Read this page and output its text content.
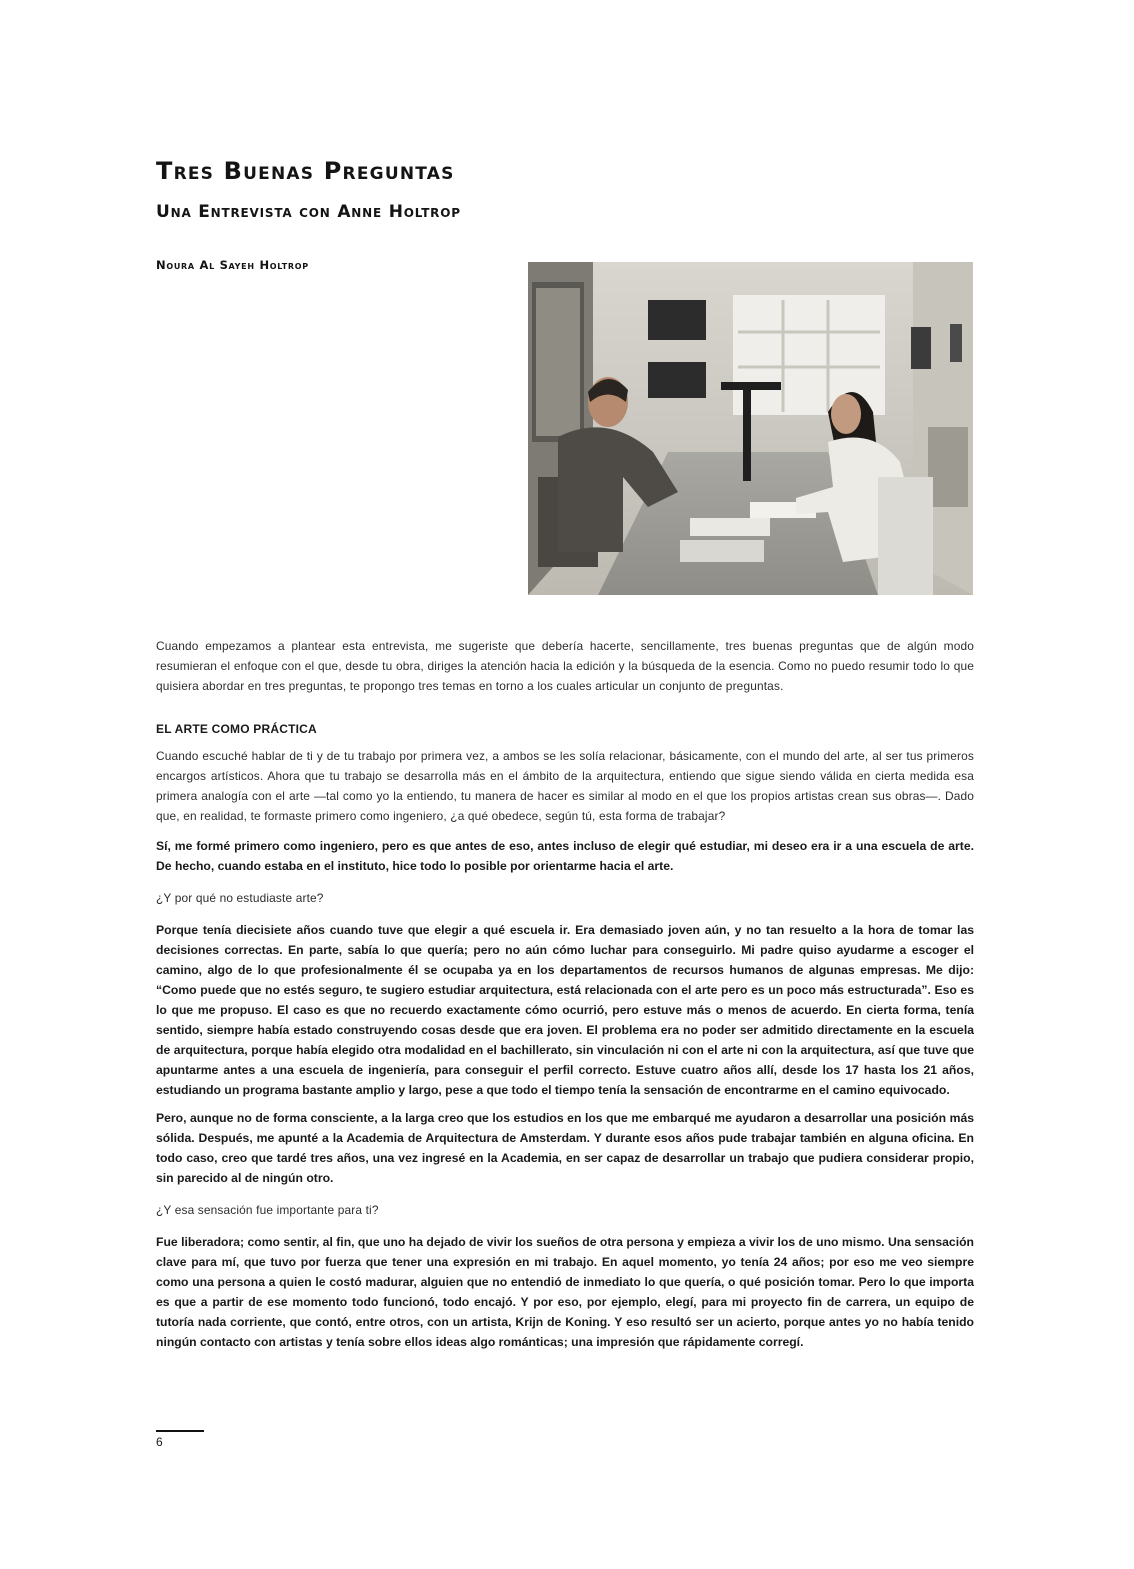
Tres Buenas Preguntas
Una Entrevista con Anne Holtrop
Noura Al Sayeh Holtrop

Cuando empezamos a plantear esta entrevista, me sugeriste que debería hacerte, sencillamente, tres buenas preguntas que de algún modo resumieran el enfoque con el que, desde tu obra, diriges la atención hacia la edición y la búsqueda de la esencia. Como no puedo resumir todo lo que quisiera abordar en tres preguntas, te propongo tres temas en torno a los cuales articular un conjunto de preguntas.

EL ARTE COMO PRÁCTICA

Cuando escuché hablar de ti y de tu trabajo por primera vez, a ambos se les solía relacionar, básicamente, con el mundo del arte, al ser tus primeros encargos artísticos. Ahora que tu trabajo se desarrolla más en el ámbito de la arquitectura, entiendo que sigue siendo válida en cierta medida esa primera analogía con el arte —tal como yo la entiendo, tu manera de hacer es similar al modo en el que los propios artistas crean sus obras—. Dado que, en realidad, te formaste primero como ingeniero, ¿a qué obedece, según tú, esta forma de trabajar?

Sí, me formé primero como ingeniero, pero es que antes de eso, antes incluso de elegir qué estudiar, mi deseo era ir a una escuela de arte. De hecho, cuando estaba en el instituto, hice todo lo posible por orientarme hacia el arte.

¿Y por qué no estudiaste arte?

Porque tenía diecisiete años cuando tuve que elegir a qué escuela ir. Era demasiado joven aún, y no tan resuelto a la hora de tomar las decisiones correctas. En parte, sabía lo que quería; pero no aún cómo luchar para conseguirlo. Mi padre quiso ayudarme a escoger el camino, algo de lo que profesionalmente él se ocupaba ya en los departamentos de recursos humanos de algunas empresas. Me dijo: “Como puede que no estés seguro, te sugiero estudiar arquitectura, está relacionada con el arte pero es un poco más estructurada”. Eso es lo que me propuso. El caso es que no recuerdo exactamente cómo ocurrió, pero estuve más o menos de acuerdo. En cierta forma, tenía sentido, siempre había estado construyendo cosas desde que era joven. El problema era no poder ser admitido directamente en la escuela de arquitectura, porque había elegido otra modalidad en el bachillerato, sin vinculación ni con el arte ni con la arquitectura, así que tuve que apuntarme antes a una escuela de ingeniería, para conseguir el perfil correcto. Estuve cuatro años allí, desde los 17 hasta los 21 años, estudiando un programa bastante amplio y largo, pese a que todo el tiempo tenía la sensación de encontrarme en el camino equivocado.

Pero, aunque no de forma consciente, a la larga creo que los estudios en los que me embarqué me ayudaron a desarrollar una posición más sólida. Después, me apunté a la Academia de Arquitectura de Amsterdam. Y durante esos años pude trabajar también en alguna oficina. En todo caso, creo que tardé tres años, una vez ingresé en la Academia, en ser capaz de desarrollar un trabajo que pudiera considerar propio, sin parecido al de ningún otro.

¿Y esa sensación fue importante para ti?

Fue liberadora; como sentir, al fin, que uno ha dejado de vivir los sueños de otra persona y empieza a vivir los de uno mismo. Una sensación clave para mí, que tuvo por fuerza que tener una expresión en mi trabajo. En aquel momento, yo tenía 24 años; por eso me veo siempre como una persona a quien le costó madurar, alguien que no entendió de inmediato lo que quería, o qué posición tomar. Pero lo que importa es que a partir de ese momento todo funcionó, todo encajó. Y por eso, por ejemplo, elegí, para mi proyecto fin de carrera, un equipo de tutoría nada corriente, que contó, entre otros, con un artista, Krijn de Koning. Y eso resultó ser un acierto, porque antes yo no había tenido ningún contacto con artistas y tenía sobre ellos ideas algo románticas; una impresión que rápidamente corregí.

6
